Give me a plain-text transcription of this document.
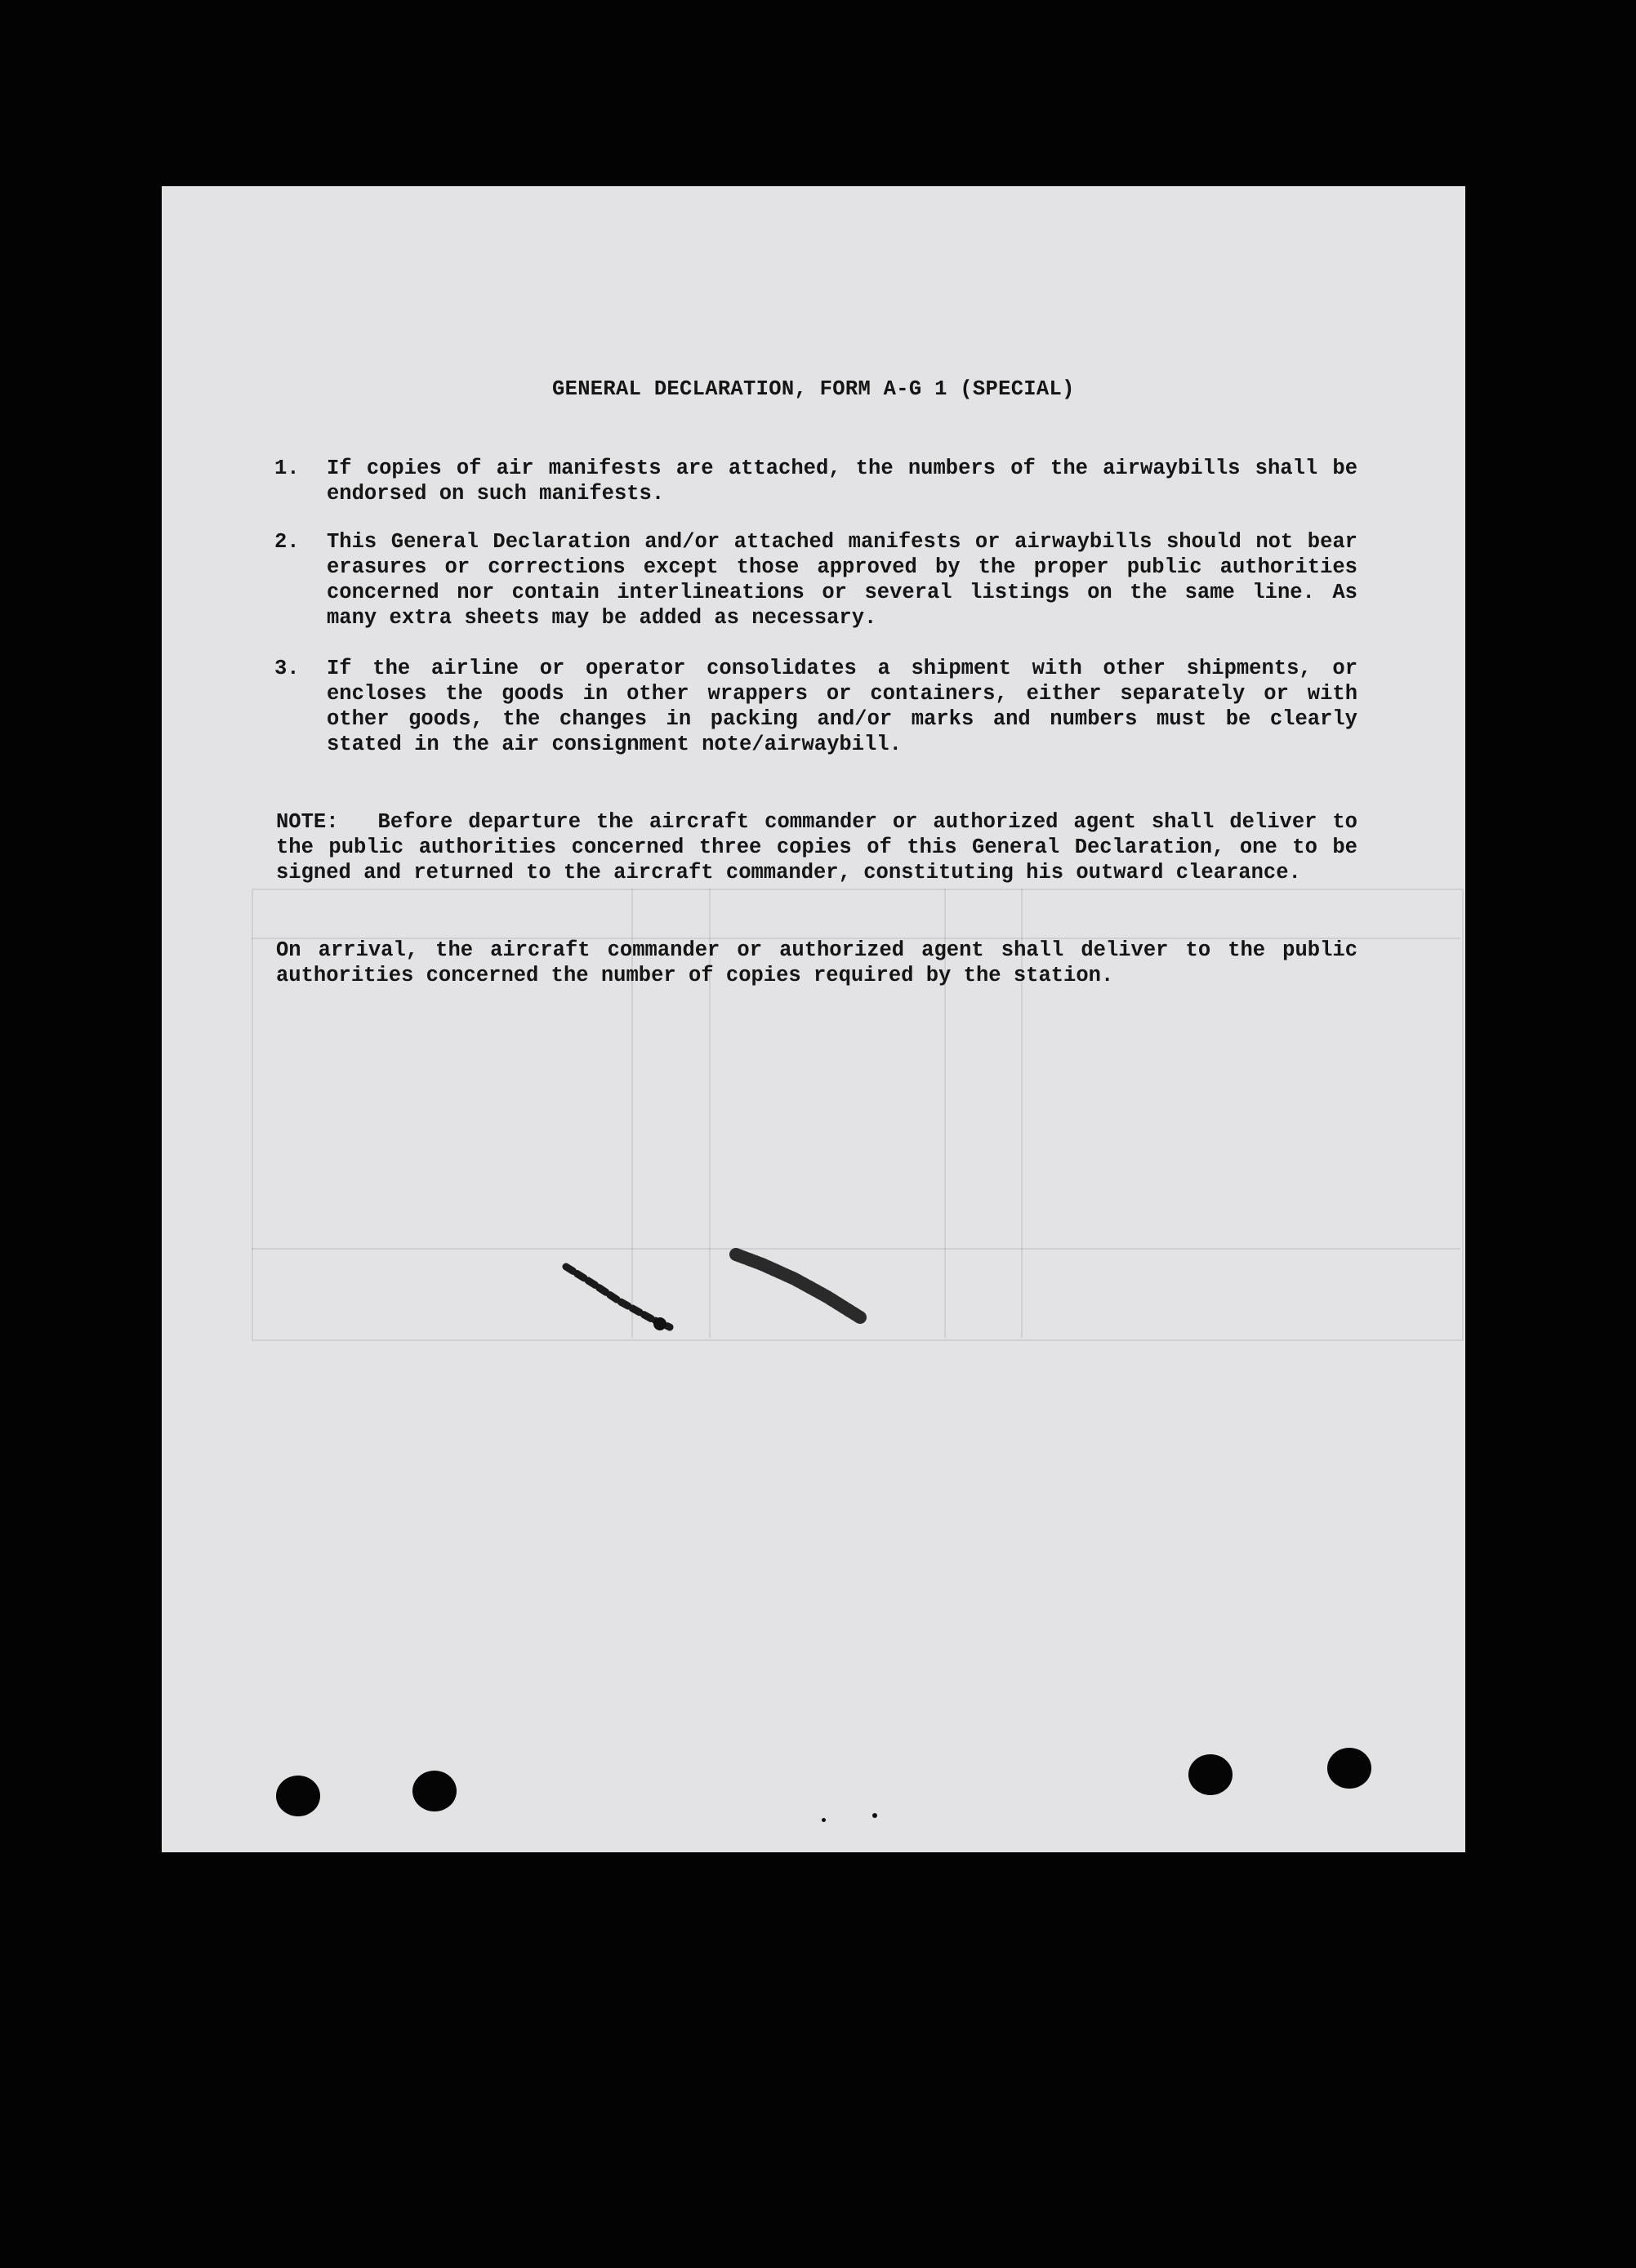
GENERAL DECLARATION, FORM A-G 1 (SPECIAL)
1. If copies of air manifests are attached, the numbers of the airwaybills shall be endorsed on such manifests.
2. This General Declaration and/or attached manifests or airwaybills should not bear erasures or corrections except those approved by the proper public authorities concerned nor contain interlineations or several listings on the same line. As many extra sheets may be added as necessary.
3. If the airline or operator consolidates a shipment with other shipments, or encloses the goods in other wrappers or containers, either separately or with other goods, the changes in packing and/or marks and numbers must be clearly stated in the air consignment note/airwaybill.
NOTE: Before departure the aircraft commander or authorized agent shall deliver to the public authorities concerned three copies of this General Declaration, one to be signed and returned to the aircraft commander, constituting his outward clearance.
On arrival, the aircraft commander or authorized agent shall deliver to the public authorities concerned the number of copies required by the station.
